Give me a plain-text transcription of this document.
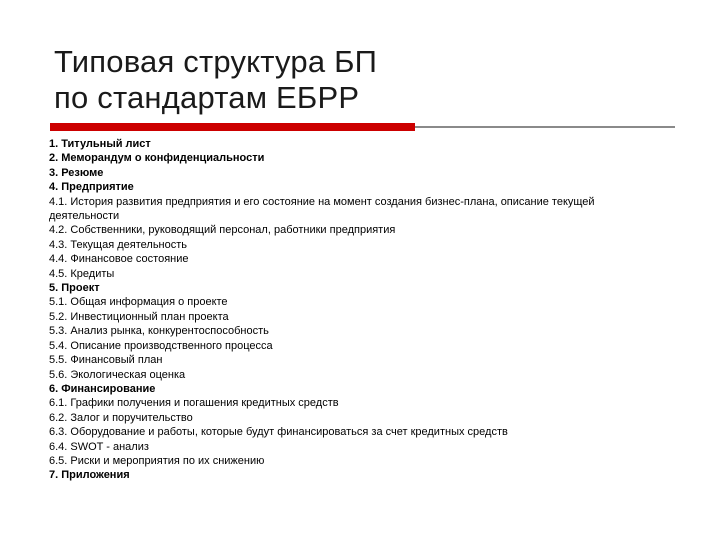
Типовая структура БП
по стандартам ЕБРР
1. Титульный лист
2. Меморандум о конфиденциальности
3. Резюме
4. Предприятие
4.1. История развития предприятия и его состояние на момент создания бизнес-плана, описание текущей деятельности
4.2. Собственники, руководящий персонал, работники предприятия
4.3. Текущая деятельность
4.4. Финансовое состояние
4.5. Кредиты
5. Проект
5.1. Общая информация о проекте
5.2. Инвестиционный план проекта
5.3. Анализ рынка, конкурентоспособность
5.4. Описание производственного процесса
5.5. Финансовый план
5.6. Экологическая оценка
6. Финансирование
6.1. Графики получения и погашения кредитных средств
6.2. Залог и поручительство
6.3. Оборудование и работы, которые будут финансироваться за счет кредитных средств
6.4. SWOT - анализ
6.5. Риски и мероприятия по их снижению
7. Приложения
